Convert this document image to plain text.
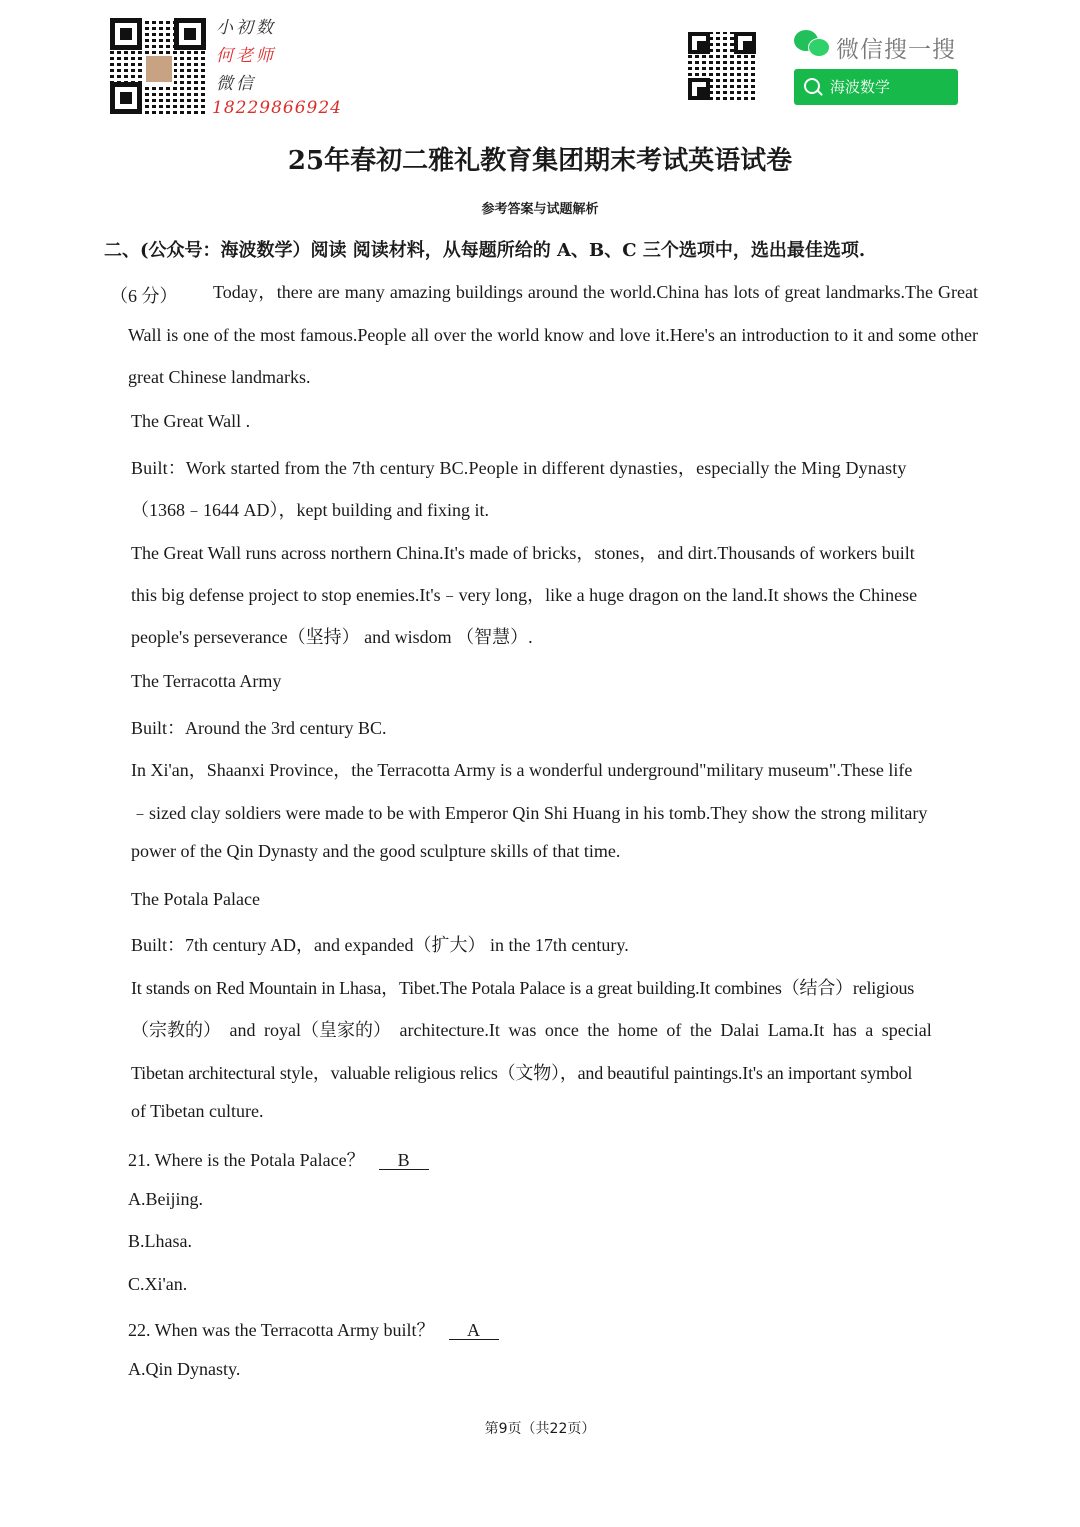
小初数
何老师
微信
18229866924
微信搜一搜
海波数学
25年春初二雅礼教育集团期末考试英语试卷
参考答案与试题解析
二、(公众号：海波数学）阅读 阅读材料，从每题所给的 A、B、C 三个选项中，选出最佳选项.
（6 分）	Today，there are many amazing buildings around the world.China has lots of great landmarks.The Great Wall is one of the most famous.People all over the world know and love it.Here's an introduction to it and some other great Chinese landmarks.

The Great Wall .
Built：Work started from the 7th century BC.People in different dynasties，especially the Ming Dynasty
（1368﹣1644 AD），kept building and fixing it.
The Great Wall runs across northern China.It's made of bricks，stones，and dirt.Thousands of workers built
this big defense project to stop enemies.It's﹣very long，like a huge dragon on the land.It shows the Chinese
people's perseverance（坚持） and wisdom （智慧）.
The Terracotta Army
Built：Around the 3rd century BC.
In Xi'an，Shaanxi Province，the Terracotta Army is a wonderful underground"military museum".These life
﹣sized clay soldiers were made to be with Emperor Qin Shi Huang in his tomb.They show the strong military
power of the Qin Dynasty and the good sculpture skills of that time.
The Potala Palace
Built：7th century AD，and expanded（扩大） in the 17th century.
It stands on Red Mountain in Lhasa，Tibet.The Potala Palace is a great building.It combines（结合）religious
（宗教的） and royal（皇家的） architecture.It was once the home of the Dalai Lama.It has a special
Tibetan architectural style，valuable religious relics（文物），and beautiful paintings.It's an important symbol
of Tibetan culture.
21. Where is the Potala Palace？ B
A.Beijing.
B.Lhasa.
C.Xi'an.
22. When was the Terracotta Army built？ A
A.Qin Dynasty.
第9页（共22页）
